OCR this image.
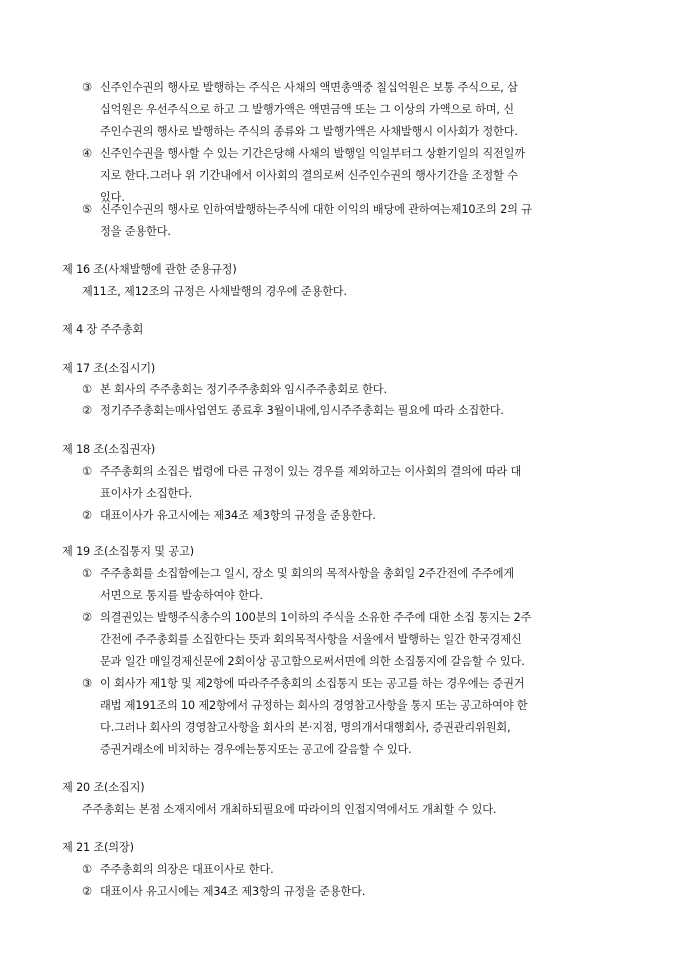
③ 신주인수권의 행사로 발행하는 주식은 사채의 액면총액중 칠십억원은 보통 주식으로, 삼
십억원은 우선주식으로 하고 그 발행가액은 액면금액 또는 그 이상의 가액으로 하며, 신
주인수권의 행사로 발행하는 주식의 종류와 그 발행가액은 사채발행시 이사회가 정한다.
④ 신주인수권을 행사할 수 있는 기간은당해 사채의 발행일 익일부터그 상환기일의 직전일까
지로 한다.그러나 위 기간내에서 이사회의 결의로써 신주인수권의 행사기간을 조정할 수
있다.
⑤ 신주인수권의 행사로 인하여발행하는주식에 대한 이익의 배당에 관하여는제10조의 2의 규
정을 준용한다.
제 16 조(사채발행에 관한 준용규정)
제11조, 제12조의 규정은 사채발행의 경우에 준용한다.
제 4 장 주주총회
제 17 조(소집시기)
① 본 회사의 주주총회는 정기주주총회와 임시주주총회로 한다.
② 정기주주총회는매사업연도 종료후 3월이내에,임시주주총회는 필요에 따라 소집한다.
제 18 조(소집권자)
① 주주총회의 소집은 법령에 다른 규정이 있는 경우를 제외하고는 이사회의 결의에 따라 대
표이사가 소집한다.
② 대표이사가 유고시에는 제34조 제3항의 규정을 준용한다.
제 19 조(소집통지 및 공고)
① 주주총회를 소집함에는그 일시, 장소 및 회의의 목적사항을 총회일 2주간전에 주주에게
서면으로 통지를 발송하여야 한다.
② 의결권있는 발행주식총수의 100분의 1이하의 주식을 소유한 주주에 대한 소집 통지는 2주
간전에 주주총회를 소집한다는 뜻과 회의목적사항을 서울에서 발행하는 일간 한국경제신
문과 일간 매일경제신문에 2회이상 공고함으로써서면에 의한 소집통지에 갈음할 수 있다.
③ 이 회사가 제1항 및 제2항에 따라주주총회의 소집통지 또는 공고를 하는 경우에는 증권거
래법 제191조의 10 제2항에서 규정하는 회사의 경영참고사항을 통지 또는 공고하여야 한
다.그러나 회사의 경영참고사항을 회사의 본·지점, 명의개서대행회사, 증권관리위원회,
증권거래소에 비치하는 경우에는통지또는 공고에 갈음할 수 있다.
제 20 조(소집지)
주주총회는 본점 소재지에서 개최하되필요에 따라이의 인접지역에서도 개최할 수 있다.
제 21 조(의장)
① 주주총회의 의장은 대표이사로 한다.
② 대표이사 유고시에는 제34조 제3항의 규정을 준용한다.
